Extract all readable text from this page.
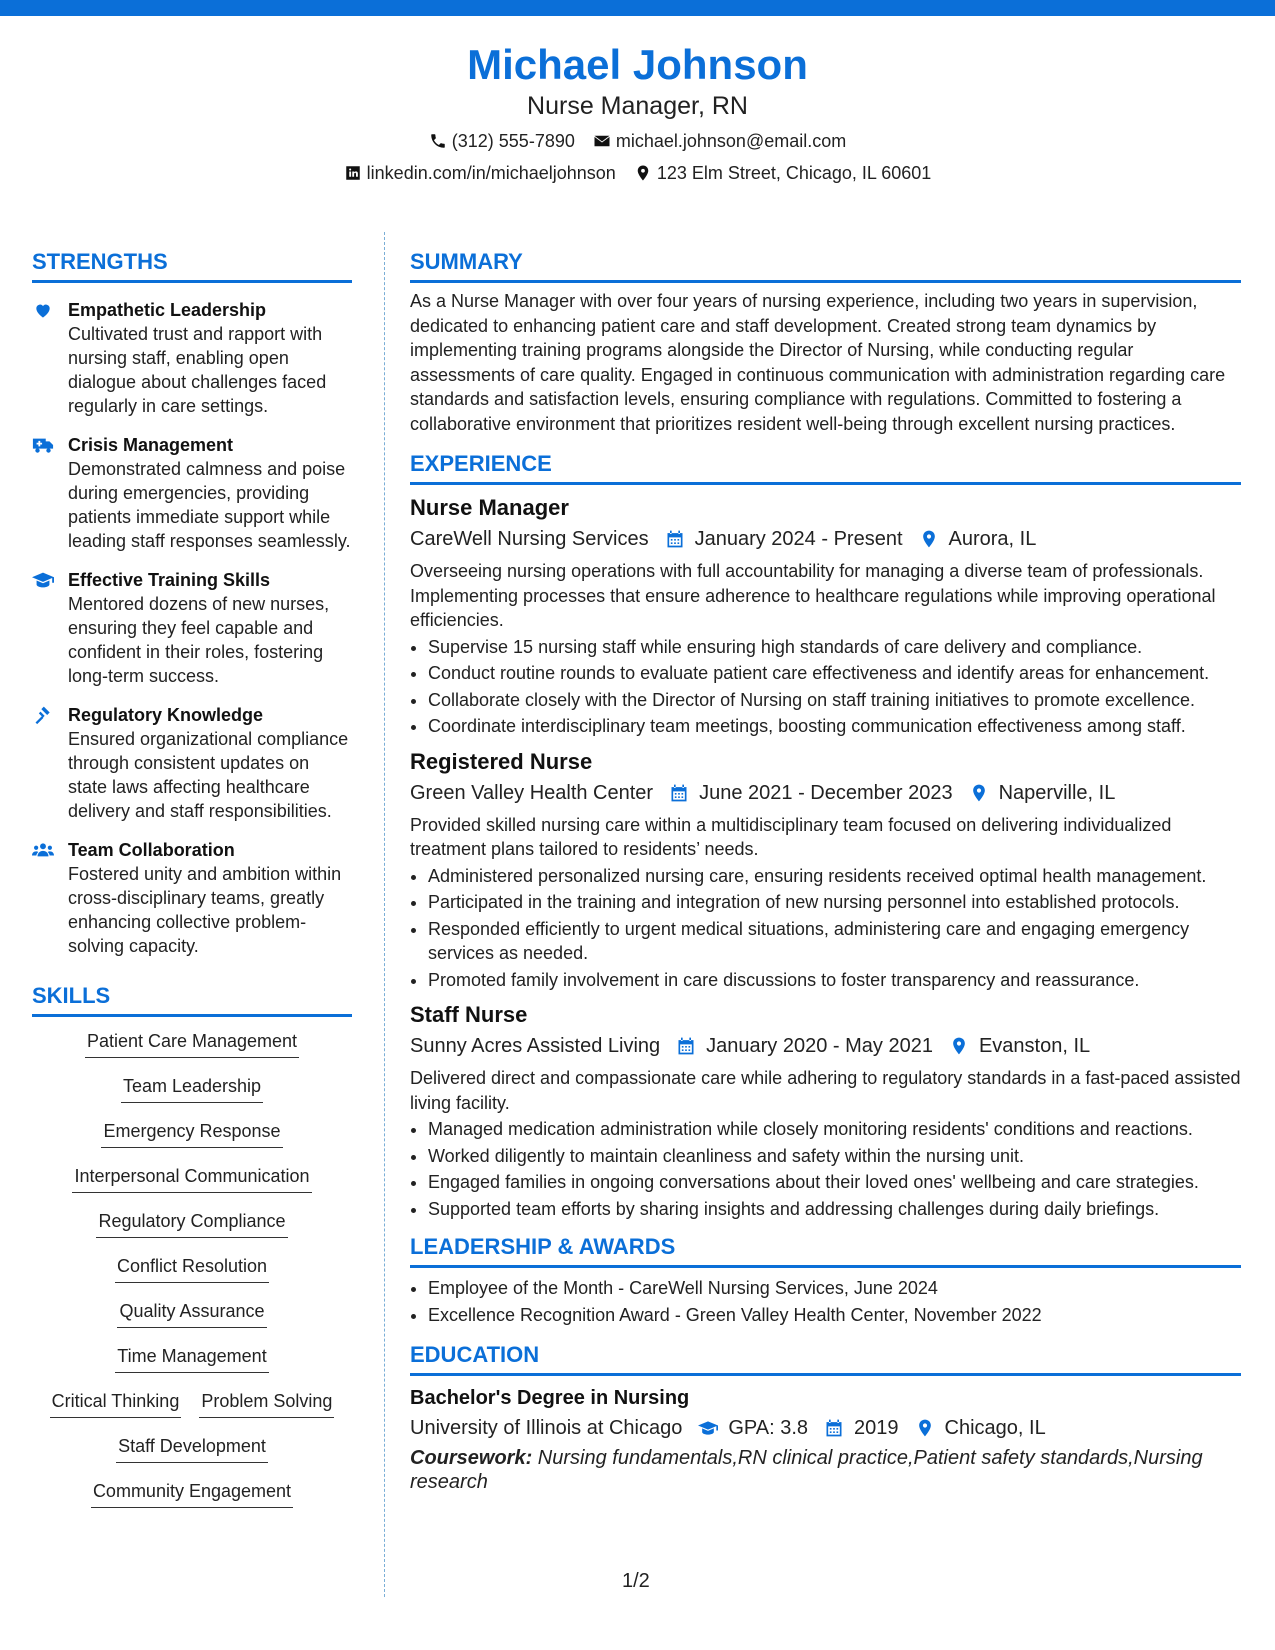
Michael Johnson
Nurse Manager, RN
(312) 555-7890 michael.johnson@email.com
linkedin.com/in/michaeljohnson 123 Elm Street, Chicago, IL 60601
STRENGTHS
Empathetic Leadership
Cultivated trust and rapport with nursing staff, enabling open dialogue about challenges faced regularly in care settings.
Crisis Management
Demonstrated calmness and poise during emergencies, providing patients immediate support while leading staff responses seamlessly.
Effective Training Skills
Mentored dozens of new nurses, ensuring they feel capable and confident in their roles, fostering long-term success.
Regulatory Knowledge
Ensured organizational compliance through consistent updates on state laws affecting healthcare delivery and staff responsibilities.
Team Collaboration
Fostered unity and ambition within cross-disciplinary teams, greatly enhancing collective problem-solving capacity.
SKILLS
Patient Care Management
Team Leadership
Emergency Response
Interpersonal Communication
Regulatory Compliance
Conflict Resolution
Quality Assurance
Time Management
Critical Thinking Problem Solving
Staff Development
Community Engagement
SUMMARY
As a Nurse Manager with over four years of nursing experience, including two years in supervision, dedicated to enhancing patient care and staff development. Created strong team dynamics by implementing training programs alongside the Director of Nursing, while conducting regular assessments of care quality. Engaged in continuous communication with administration regarding care standards and satisfaction levels, ensuring compliance with regulations. Committed to fostering a collaborative environment that prioritizes resident well-being through excellent nursing practices.
EXPERIENCE
Nurse Manager
CareWell Nursing Services January 2024 - Present Aurora, IL
Overseeing nursing operations with full accountability for managing a diverse team of professionals. Implementing processes that ensure adherence to healthcare regulations while improving operational efficiencies.
• Supervise 15 nursing staff while ensuring high standards of care delivery and compliance.
• Conduct routine rounds to evaluate patient care effectiveness and identify areas for enhancement.
• Collaborate closely with the Director of Nursing on staff training initiatives to promote excellence.
• Coordinate interdisciplinary team meetings, boosting communication effectiveness among staff.
Registered Nurse
Green Valley Health Center June 2021 - December 2023 Naperville, IL
Provided skilled nursing care within a multidisciplinary team focused on delivering individualized treatment plans tailored to residents’ needs.
• Administered personalized nursing care, ensuring residents received optimal health management.
• Participated in the training and integration of new nursing personnel into established protocols.
• Responded efficiently to urgent medical situations, administering care and engaging emergency services as needed.
• Promoted family involvement in care discussions to foster transparency and reassurance.
Staff Nurse
Sunny Acres Assisted Living January 2020 - May 2021 Evanston, IL
Delivered direct and compassionate care while adhering to regulatory standards in a fast-paced assisted living facility.
• Managed medication administration while closely monitoring residents' conditions and reactions.
• Worked diligently to maintain cleanliness and safety within the nursing unit.
• Engaged families in ongoing conversations about their loved ones' wellbeing and care strategies.
• Supported team efforts by sharing insights and addressing challenges during daily briefings.
LEADERSHIP & AWARDS
• Employee of the Month - CareWell Nursing Services, June 2024
• Excellence Recognition Award - Green Valley Health Center, November 2022
EDUCATION
Bachelor's Degree in Nursing
University of Illinois at Chicago GPA: 3.8 2019 Chicago, IL
Coursework: Nursing fundamentals,RN clinical practice,Patient safety standards,Nursing research
1/2
